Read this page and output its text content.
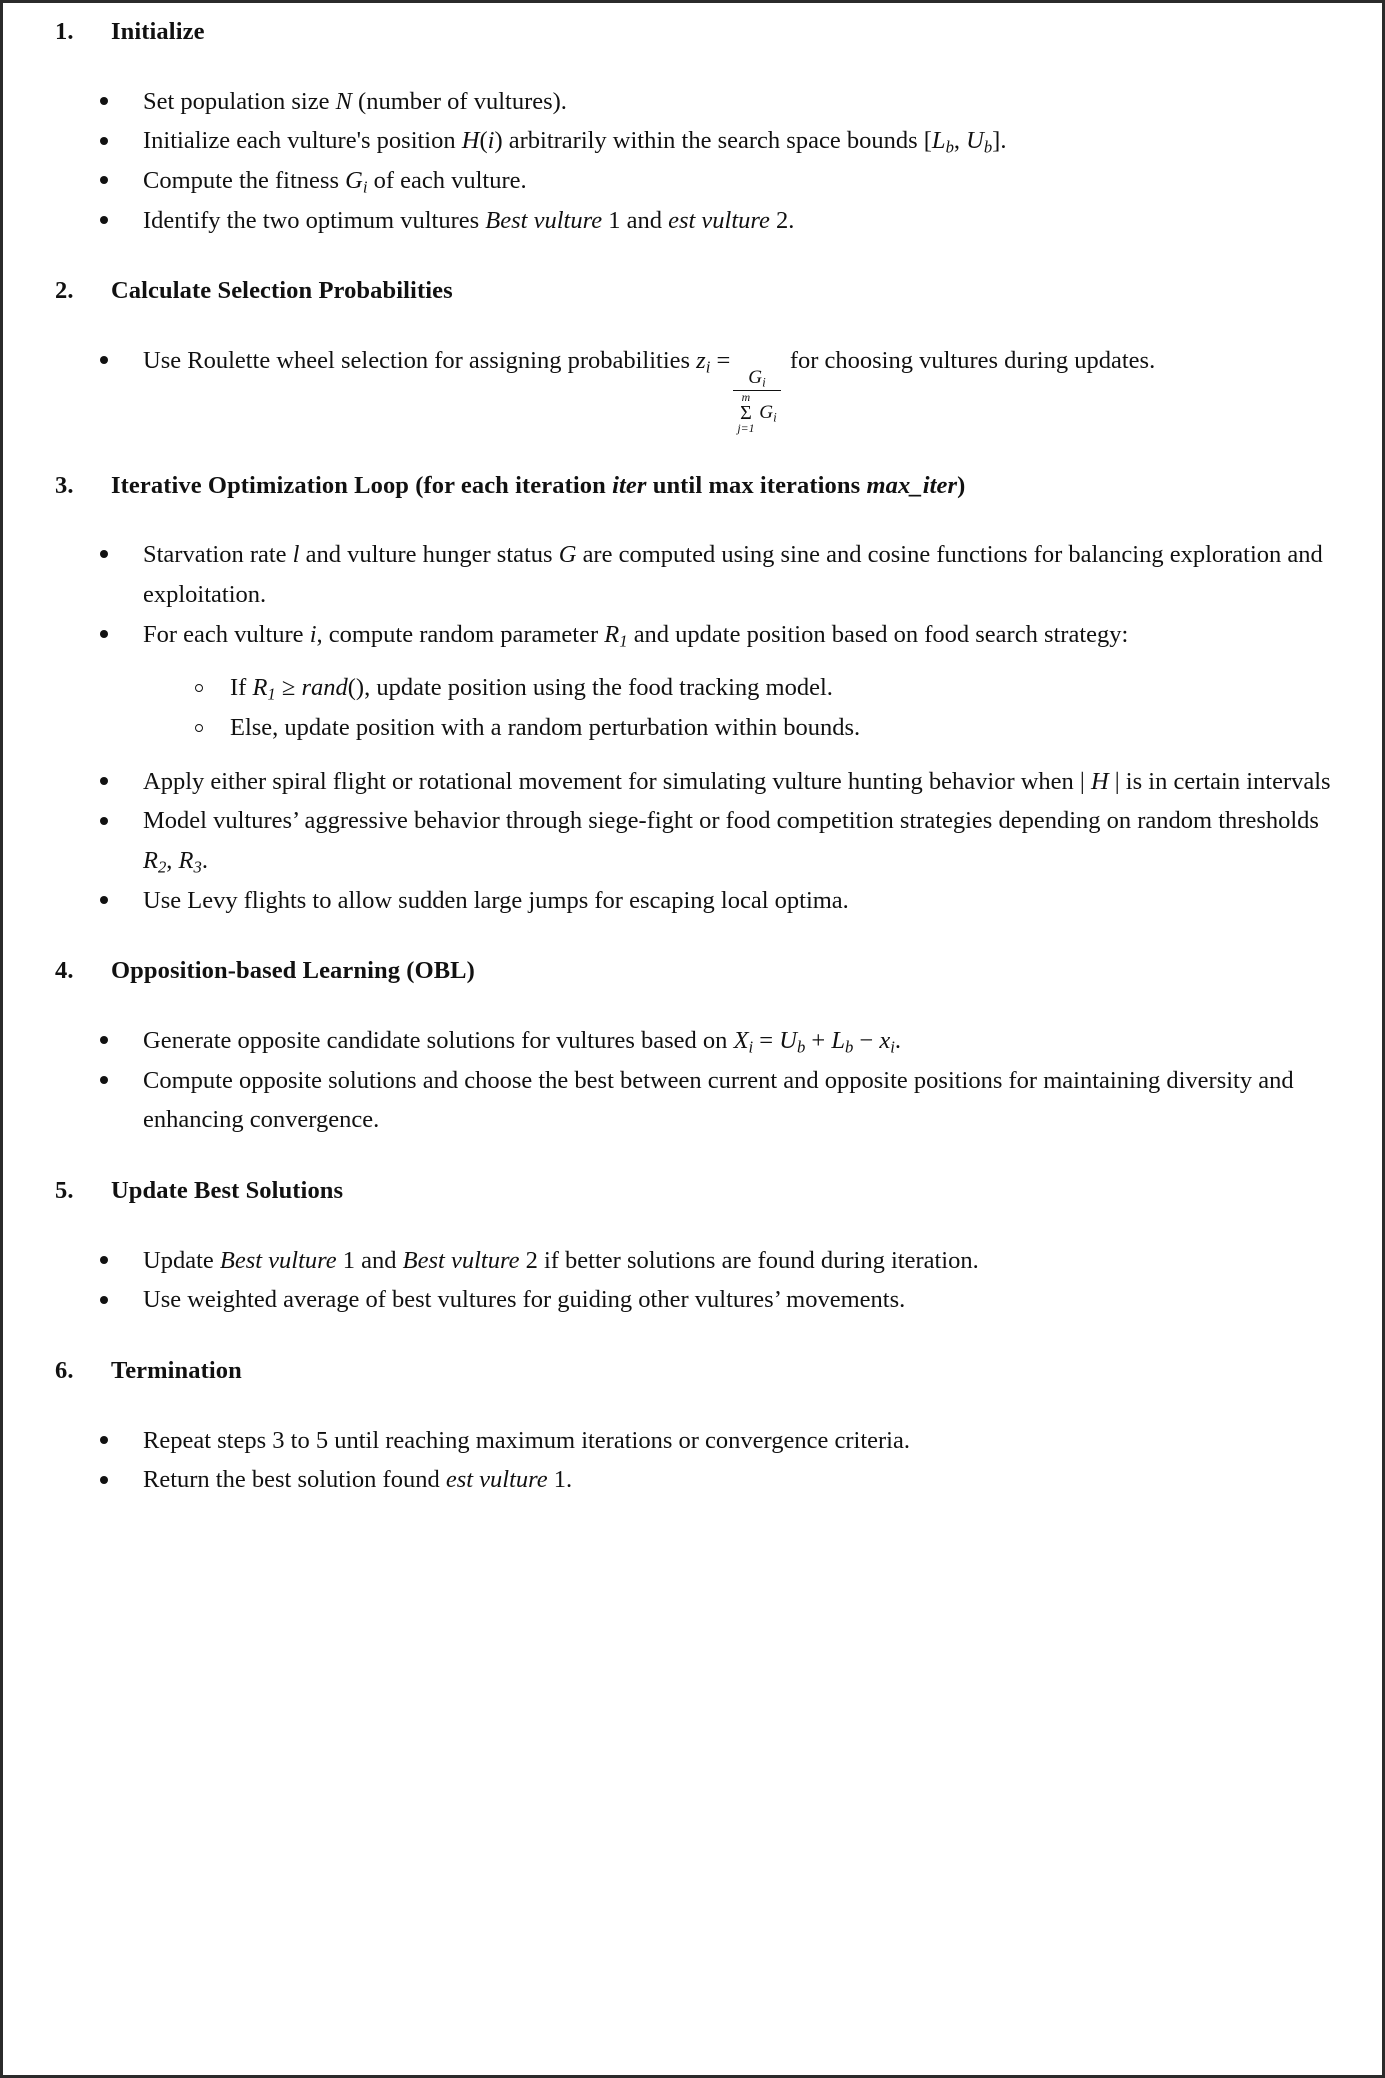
1.	Initialize
Set population size N (number of vultures).
Initialize each vulture's position H(i) arbitrarily within the search space bounds [$L_b$, $U_b$].
Compute the fitness $G_i$ of each vulture.
Identify the two optimum vultures Best vulture 1 and est vulture 2.
2.	Calculate Selection Probabilities
Use Roulette wheel selection for assigning probabilities $z_i$ =
$G_i$
m
Σ
j=1
$G_i$
for choosing vultures during updates.
3.	Iterative Optimization Loop (for each iteration iter until max iterations max_iter)
Starvation rate l and vulture hunger status G are computed using sine and cosine functions for balancing exploration and exploitation.
For each vulture i, compute random parameter $R_1$ and update position based on food search strategy:
If $R_1$ ≥ rand(), update position using the food tracking model.
Else, update position with a random perturbation within bounds.
Apply either spiral flight or rotational movement for simulating vulture hunting behavior when | H | is in certain intervals
Model vultures’ aggressive behavior through siege-fight or food competition strategies depending on random thresholds $R_2$, $R_3$.
Use Levy flights to allow sudden large jumps for escaping local optima.
4.	Opposition-based Learning (OBL)
Generate opposite candidate solutions for vultures based on $X_i = U_b + L_b - x_i$.
Compute opposite solutions and choose the best between current and opposite positions for maintaining diversity and enhancing convergence.
5.	Update Best Solutions
Update Best vulture 1 and Best vulture 2 if better solutions are found during iteration.
Use weighted average of best vultures for guiding other vultures’ movements.
6.	Termination
Repeat steps 3 to 5 until reaching maximum iterations or convergence criteria.
Return the best solution found est vulture 1.
